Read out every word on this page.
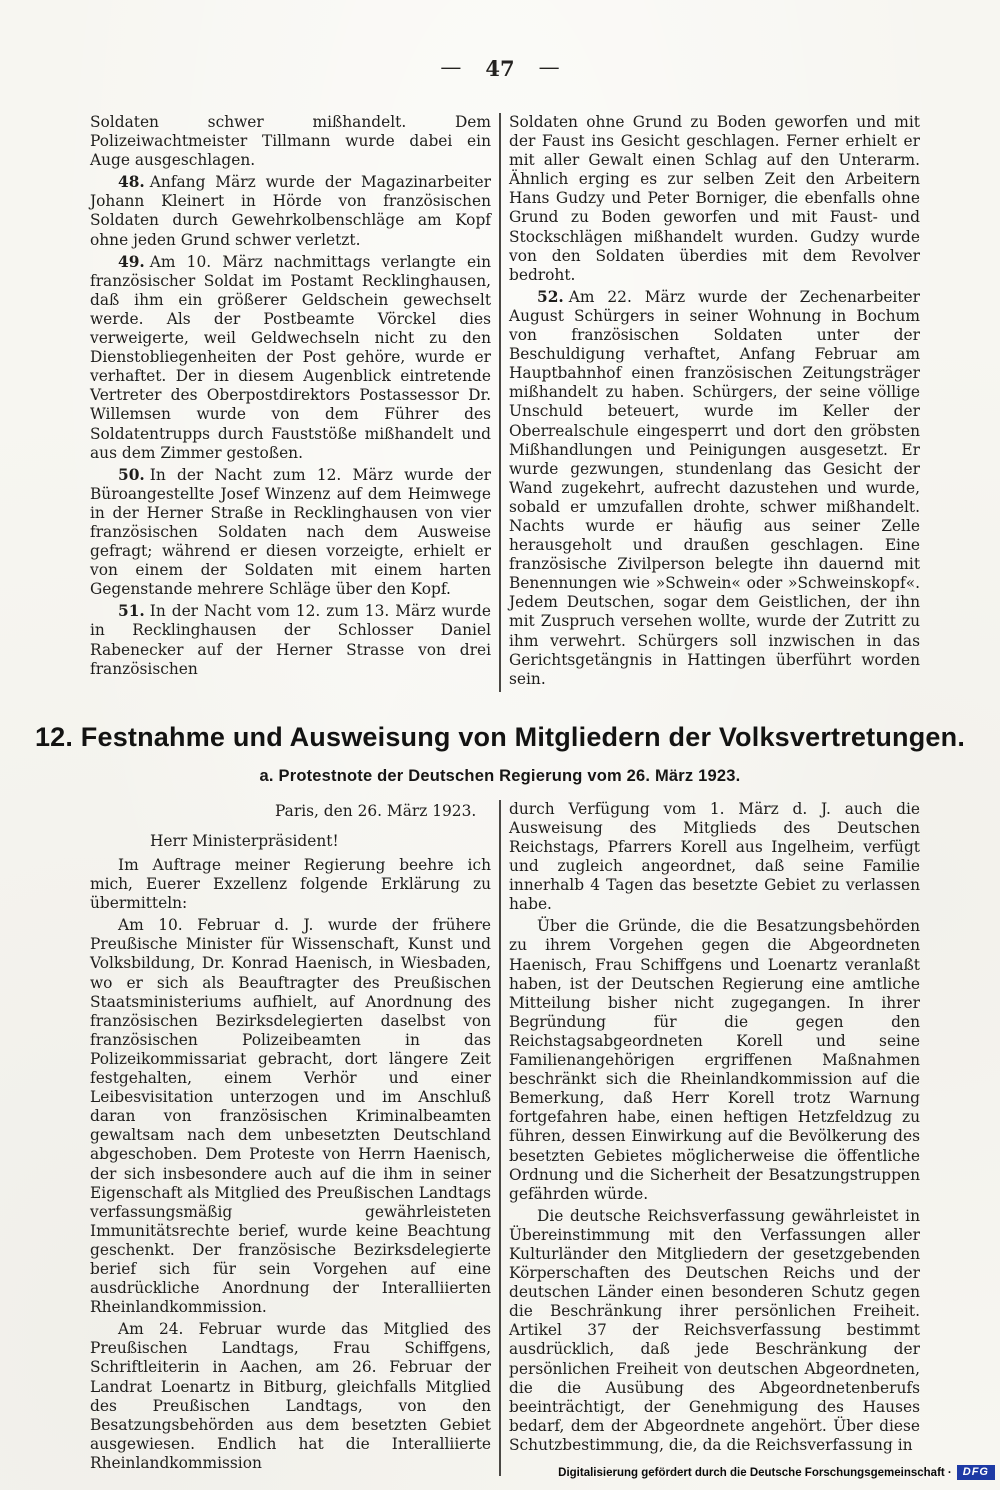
— 47 —

Soldaten schwer mißhandelt. Dem Polizeiwachtmeister Tillmann wurde dabei ein Auge ausgeschlagen.

48. Anfang März wurde der Magazinarbeiter Johann Kleinert in Hörde von französischen Soldaten durch Gewehrkolbenschläge am Kopf ohne jeden Grund schwer verletzt.

49. Am 10. März nachmittags verlangte ein französischer Soldat im Postamt Recklinghausen, daß ihm ein größerer Geldschein gewechselt werde. Als der Postbeamte Vörckel dies verweigerte, weil Geldwechseln nicht zu den Dienstobliegenheiten der Post gehöre, wurde er verhaftet. Der in diesem Augenblick eintretende Vertreter des Oberpostdirektors Postassessor Dr. Willemsen wurde von dem Führer des Soldatentrupps durch Fauststöße mißhandelt und aus dem Zimmer gestoßen.

50. In der Nacht zum 12. März wurde der Büroangestellte Josef Winzenz auf dem Heimwege in der Herner Straße in Recklinghausen von vier französischen Soldaten nach dem Ausweise gefragt; während er diesen vorzeigte, erhielt er von einem der Soldaten mit einem harten Gegenstande mehrere Schläge über den Kopf.

51. In der Nacht vom 12. zum 13. März wurde in Recklinghausen der Schlosser Daniel Rabenecker auf der Herner Strasse von drei französischen

Soldaten ohne Grund zu Boden geworfen und mit der Faust ins Gesicht geschlagen. Ferner erhielt er mit aller Gewalt einen Schlag auf den Unterarm. Ähnlich erging es zur selben Zeit den Arbeitern Hans Gudzy und Peter Borniger, die ebenfalls ohne Grund zu Boden geworfen und mit Faust- und Stockschlägen mißhandelt wurden. Gudzy wurde von den Soldaten überdies mit dem Revolver bedroht.

52. Am 22. März wurde der Zechenarbeiter August Schürgers in seiner Wohnung in Bochum von französischen Soldaten unter der Beschuldigung verhaftet, Anfang Februar am Hauptbahnhof einen französischen Zeitungsträger mißhandelt zu haben. Schürgers, der seine völlige Unschuld beteuert, wurde im Keller der Oberrealschule eingesperrt und dort den gröbsten Mißhandlungen und Peinigungen ausgesetzt. Er wurde gezwungen, stundenlang das Gesicht der Wand zugekehrt, aufrecht dazustehen und wurde, sobald er umzufallen drohte, schwer mißhandelt. Nachts wurde er häufig aus seiner Zelle herausgeholt und draußen geschlagen. Eine französische Zivilperson belegte ihn dauernd mit Benennungen wie »Schwein« oder »Schweinskopf«. Jedem Deutschen, sogar dem Geistlichen, der ihn mit Zuspruch versehen wollte, wurde der Zutritt zu ihm verwehrt. Schürgers soll inzwischen in das Gerichtsgetängnis in Hattingen überführt worden sein.

12. Festnahme und Ausweisung von Mitgliedern der Volksvertretungen.
a. Protestnote der Deutschen Regierung vom 26. März 1923.

Paris, den 26. März 1923.

Herr Ministerpräsident!

Im Auftrage meiner Regierung beehre ich mich, Euerer Exzellenz folgende Erklärung zu übermitteln:

Am 10. Februar d. J. wurde der frühere Preußische Minister für Wissenschaft, Kunst und Volksbildung, Dr. Konrad Haenisch, in Wiesbaden, wo er sich als Beauftragter des Preußischen Staatsministeriums aufhielt, auf Anordnung des französischen Bezirksdelegierten daselbst von französischen Polizeibeamten in das Polizeikommissariat gebracht, dort längere Zeit festgehalten, einem Verhör und einer Leibesvisitation unterzogen und im Anschluß daran von französischen Kriminalbeamten gewaltsam nach dem unbesetzten Deutschland abgeschoben. Dem Proteste von Herrn Haenisch, der sich insbesondere auch auf die ihm in seiner Eigenschaft als Mitglied des Preußischen Landtags verfassungsmäßig gewährleisteten Immunitätsrechte berief, wurde keine Beachtung geschenkt. Der französische Bezirksdelegierte berief sich für sein Vorgehen auf eine ausdrückliche Anordnung der Interalliierten Rheinlandkommission.

Am 24. Februar wurde das Mitglied des Preußischen Landtags, Frau Schiffgens, Schriftleiterin in Aachen, am 26. Februar der Landrat Loenartz in Bitburg, gleichfalls Mitglied des Preußischen Landtags, von den Besatzungsbehörden aus dem besetzten Gebiet ausgewiesen. Endlich hat die Interalliierte Rheinlandkommission

durch Verfügung vom 1. März d. J. auch die Ausweisung des Mitglieds des Deutschen Reichstags, Pfarrers Korell aus Ingelheim, verfügt und zugleich angeordnet, daß seine Familie innerhalb 4 Tagen das besetzte Gebiet zu verlassen habe.

Über die Gründe, die die Besatzungsbehörden zu ihrem Vorgehen gegen die Abgeordneten Haenisch, Frau Schiffgens und Loenartz veranlaßt haben, ist der Deutschen Regierung eine amtliche Mitteilung bisher nicht zugegangen. In ihrer Begründung für die gegen den Reichstagsabgeordneten Korell und seine Familienangehörigen ergriffenen Maßnahmen beschränkt sich die Rheinlandkommission auf die Bemerkung, daß Herr Korell trotz Warnung fortgefahren habe, einen heftigen Hetzfeldzug zu führen, dessen Einwirkung auf die Bevölkerung des besetzten Gebietes möglicherweise die öffentliche Ordnung und die Sicherheit der Besatzungstruppen gefährden würde.

Die deutsche Reichsverfassung gewährleistet in Übereinstimmung mit den Verfassungen aller Kulturländer den Mitgliedern der gesetzgebenden Körperschaften des Deutschen Reichs und der deutschen Länder einen besonderen Schutz gegen die Beschränkung ihrer persönlichen Freiheit. Artikel 37 der Reichsverfassung bestimmt ausdrücklich, daß jede Beschränkung der persönlichen Freiheit von deutschen Abgeordneten, die die Ausübung des Abgeordnetenberufs beeinträchtigt, der Genehmigung des Hauses bedarf, dem der Abgeordnete angehört. Über diese Schutzbestimmung, die, da die Reichsverfassung in

Digitalisierung gefördert durch die Deutsche Forschungsgemeinschaft ·	DFG
